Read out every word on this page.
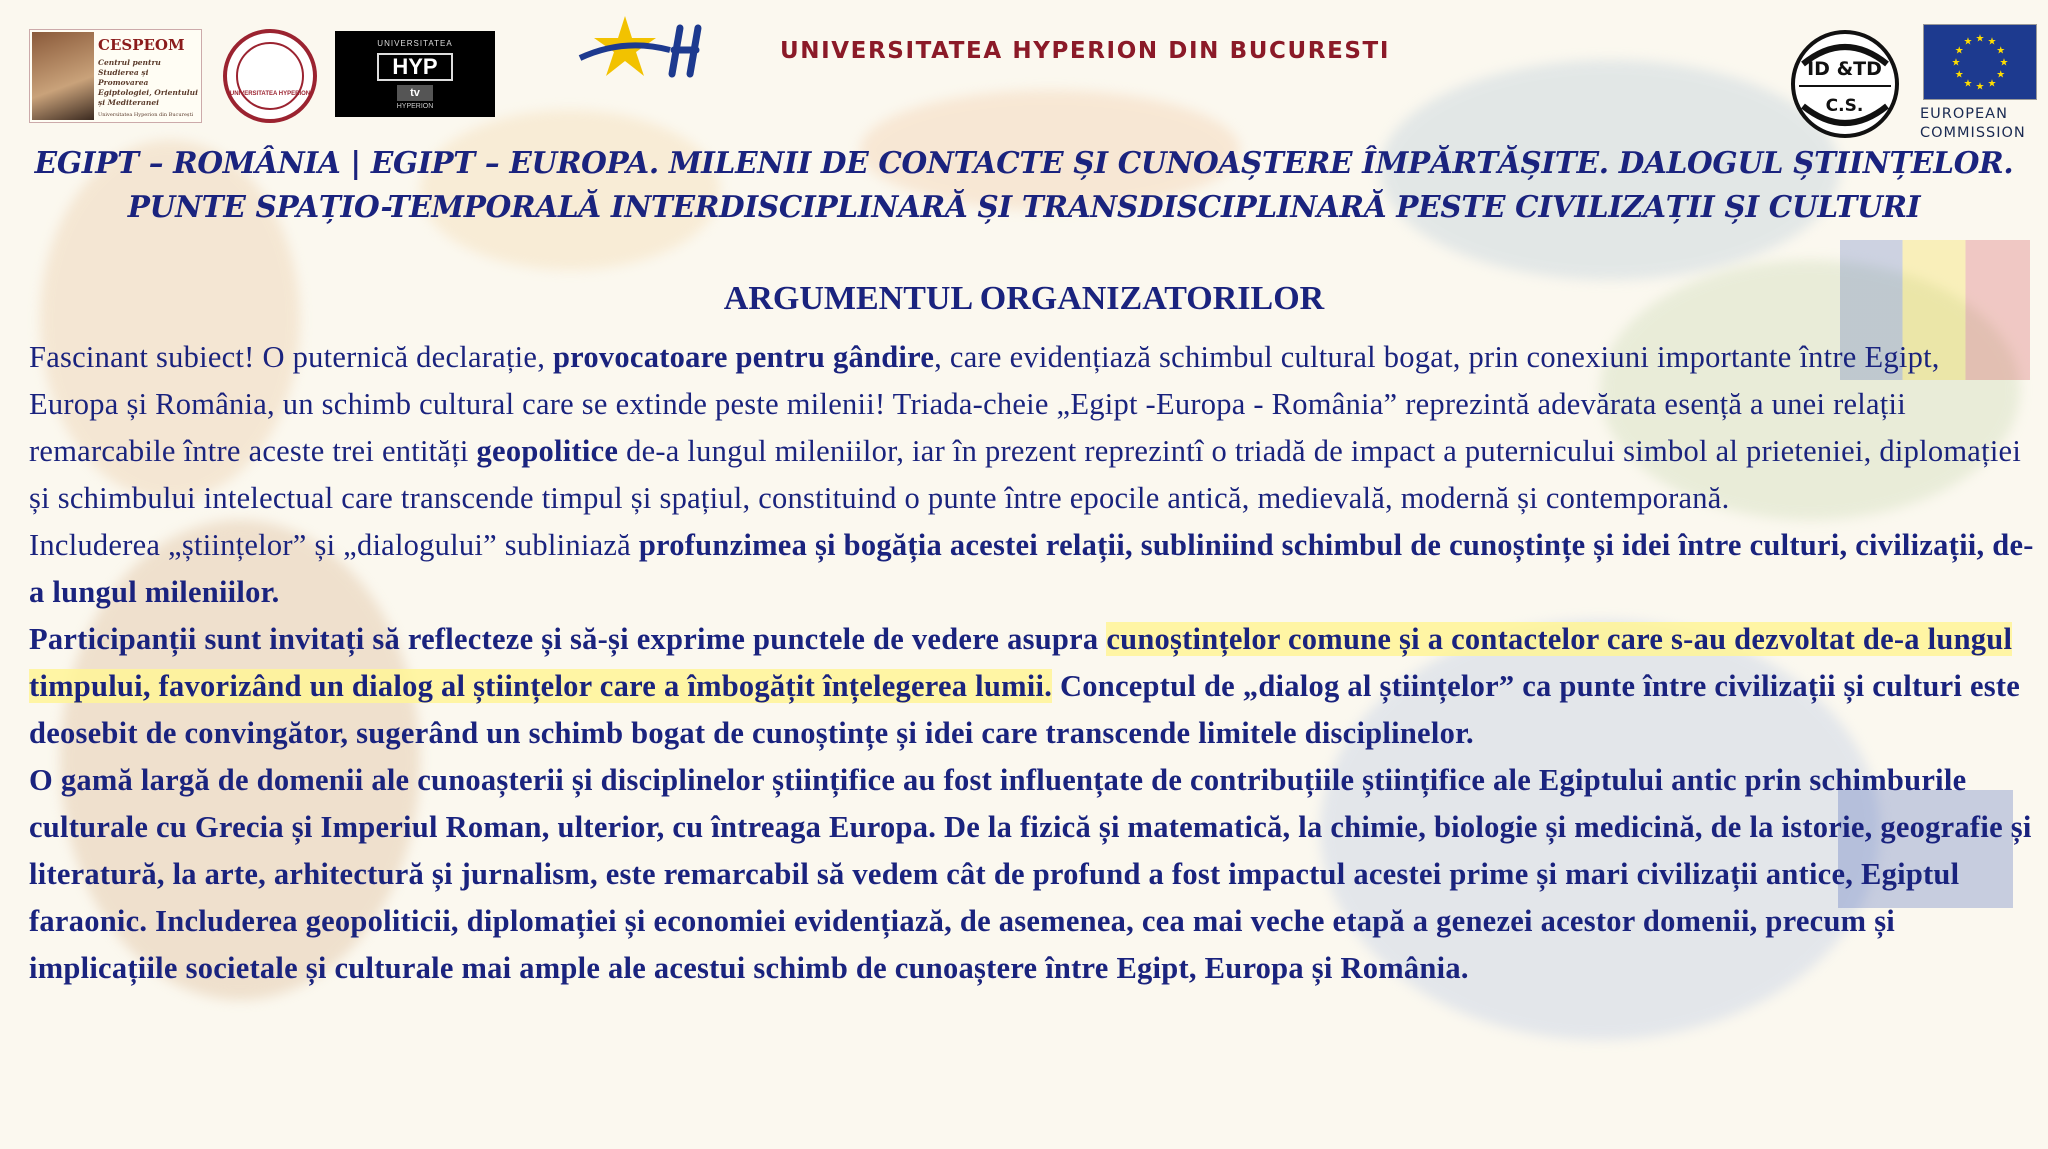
CESPEOM
Centrul pentru Studierea și Promovarea Egiptologiei, Orientului și Mediteranei
Universitatea Hyperion din București
UNIVERSITATEA HYPERION
UNIVERSITATEA
HYP
tv
HYPERION
UNIVERSITATEA HYPERION DIN BUCURESTI
ID &TD
C.S.
★ ★
★
★
★
★
★
★
★
★
★
★
EUROPEAN
COMMISSION
EGIPT – ROMÂNIA | EGIPT – EUROPA. MILENII DE CONTACTE ȘI CUNOAȘTERE ÎMPĂRTĂȘITE. DALOGUL ȘTIINȚELOR.
PUNTE SPAȚIO-TEMPORALĂ INTERDISCIPLINARĂ ȘI TRANSDISCIPLINARĂ PESTE CIVILIZAȚII ȘI CULTURI
ARGUMENTUL ORGANIZATORILOR

Fascinant subiect! O puternică declarație, provocatoare pentru gândire, care evidențiază schimbul cultural bogat, prin conexiuni importante între Egipt, Europa și România, un schimb cultural care se extinde peste milenii! Triada-cheie „Egipt -Europa - România” reprezintă adevărata esență a unei relații remarcabile între aceste trei entități geopolitice de-a lungul mileniilor, iar în prezent reprezintî o triadă de impact a puternicului simbol al prieteniei, diplomației și schimbului intelectual care transcende timpul și spațiul, constituind o punte între epocile antică, medievală, modernă și contemporană.

Includerea „științelor” și „dialogului” subliniază profunzimea și bogăția acestei relații, subliniind schimbul de cunoștințe și idei între culturi, civilizații, de-a lungul mileniilor.

Participanții sunt invitați să reflecteze și să-și exprime punctele de vedere asupra cunoștințelor comune și a contactelor care s-au dezvoltat de-a lungul timpului, favorizând un dialog al științelor care a îmbogățit înțelegerea lumii. Conceptul de „dialog al științelor” ca punte între civilizații și culturi este deosebit de convingător, sugerând un schimb bogat de cunoștințe și idei care transcende limitele disciplinelor.

O gamă largă de domenii ale cunoașterii și disciplinelor științifice au fost influențate de contribuțiile științifice ale Egiptului antic prin schimburile culturale cu Grecia și Imperiul Roman, ulterior, cu întreaga Europa. De la fizică și matematică, la chimie, biologie și medicină, de la istorie, geografie și literatură, la arte, arhitectură și jurnalism, este remarcabil să vedem cât de profund a fost impactul acestei prime și mari civilizații antice, Egiptul faraonic. Includerea geopoliticii, diplomației și economiei evidențiază, de asemenea, cea mai veche etapă a genezei acestor domenii, precum și implicațiile societale și culturale mai ample ale acestui schimb de cunoaștere între Egipt, Europa și România.
